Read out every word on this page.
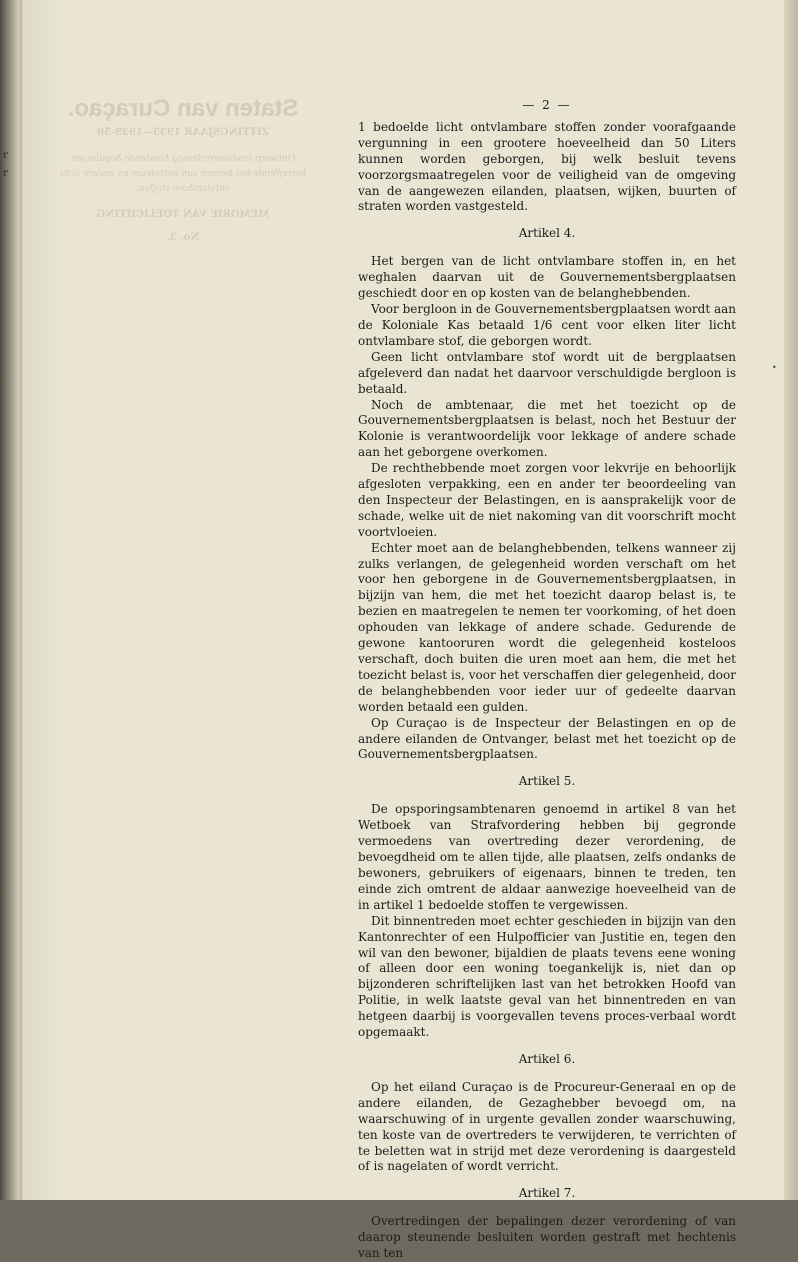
r
r
Staten van Curaçao.
ZITTINGSJAAR 1935—1939-50
Ontwerp-landsverordening houdende bepalingen betreffende het bergen van petroleum en andere licht ontvlambare stoffen.
MEMORIE VAN TOELICHTING
No. 3.
— 2 —

1 bedoelde licht ontvlambare stoffen zonder voorafgaande vergunning in een grootere hoeveelheid dan 50 Liters kunnen worden geborgen, bij welk besluit tevens voorzorgsmaatregelen voor de veiligheid van de omgeving van de aangewezen eilanden, plaatsen, wijken, buurten of straten worden vastgesteld.

Artikel 4.

Het bergen van de licht ontvlambare stoffen in, en het weghalen daarvan uit de Gouvernementsbergplaatsen geschiedt door en op kosten van de belanghebbenden.

Voor bergloon in de Gouvernementsbergplaatsen wordt aan de Koloniale Kas betaald 1/6 cent voor elken liter licht ontvlambare stof, die geborgen wordt.

Geen licht ontvlambare stof wordt uit de bergplaatsen afgeleverd dan nadat het daarvoor verschuldigde bergloon is betaald.

Noch de ambtenaar, die met het toezicht op de Gouvernementsbergplaatsen is belast, noch het Bestuur der Kolonie is verantwoordelijk voor lekkage of andere schade aan het geborgene overkomen.

De rechthebbende moet zorgen voor lekvrije en behoorlijk afgesloten verpakking, een en ander ter beoordeeling van den Inspecteur der Belastingen, en is aansprakelijk voor de schade, welke uit de niet nakoming van dit voorschrift mocht voortvloeien.

Echter moet aan de belanghebbenden, telkens wanneer zij zulks verlangen, de gelegenheid worden verschaft om het voor hen geborgene in de Gouvernementsbergplaatsen, in bijzijn van hem, die met het toezicht daarop belast is, te bezien en maatregelen te nemen ter voorkoming, of het doen ophouden van lekkage of andere schade. Gedurende de gewone kantooruren wordt die gelegenheid kosteloos verschaft, doch buiten die uren moet aan hem, die met het toezicht belast is, voor het verschaffen dier gelegenheid, door de belanghebbenden voor ieder uur of gedeelte daarvan worden betaald een gulden.

Op Curaçao is de Inspecteur der Belastingen en op de andere eilanden de Ontvanger, belast met het toezicht op de Gouvernementsbergplaatsen.

Artikel 5.

De opsporingsambtenaren genoemd in artikel 8 van het Wetboek van Strafvordering hebben bij gegronde vermoedens van overtreding dezer verordening, de bevoegdheid om te allen tijde, alle plaatsen, zelfs ondanks de bewoners, gebruikers of eigenaars, binnen te treden, ten einde zich omtrent de aldaar aanwezige hoeveelheid van de in artikel 1 bedoelde stoffen te vergewissen.

Dit binnentreden moet echter geschieden in bijzijn van den Kantonrechter of een Hulpofficier van Justitie en, tegen den wil van den bewoner, bijaldien de plaats tevens eene woning of alleen door een woning toegankelijk is, niet dan op bijzonderen schriftelijken last van het betrokken Hoofd van Politie, in welk laatste geval van het binnentreden en van hetgeen daarbij is voorgevallen tevens proces-verbaal wordt opgemaakt.

Artikel 6.

Op het eiland Curaçao is de Procureur-Generaal en op de andere eilanden, de Gezaghebber bevoegd om, na waarschuwing of in urgente gevallen zonder waarschuwing, ten koste van de overtreders te verwijderen, te verrichten of te beletten wat in strijd met deze verordening is daargesteld of is nagelaten of wordt verricht.

Artikel 7.

Overtredingen der bepalingen dezer verordening of van daarop steunende besluiten worden gestraft met hechtenis van ten

•
